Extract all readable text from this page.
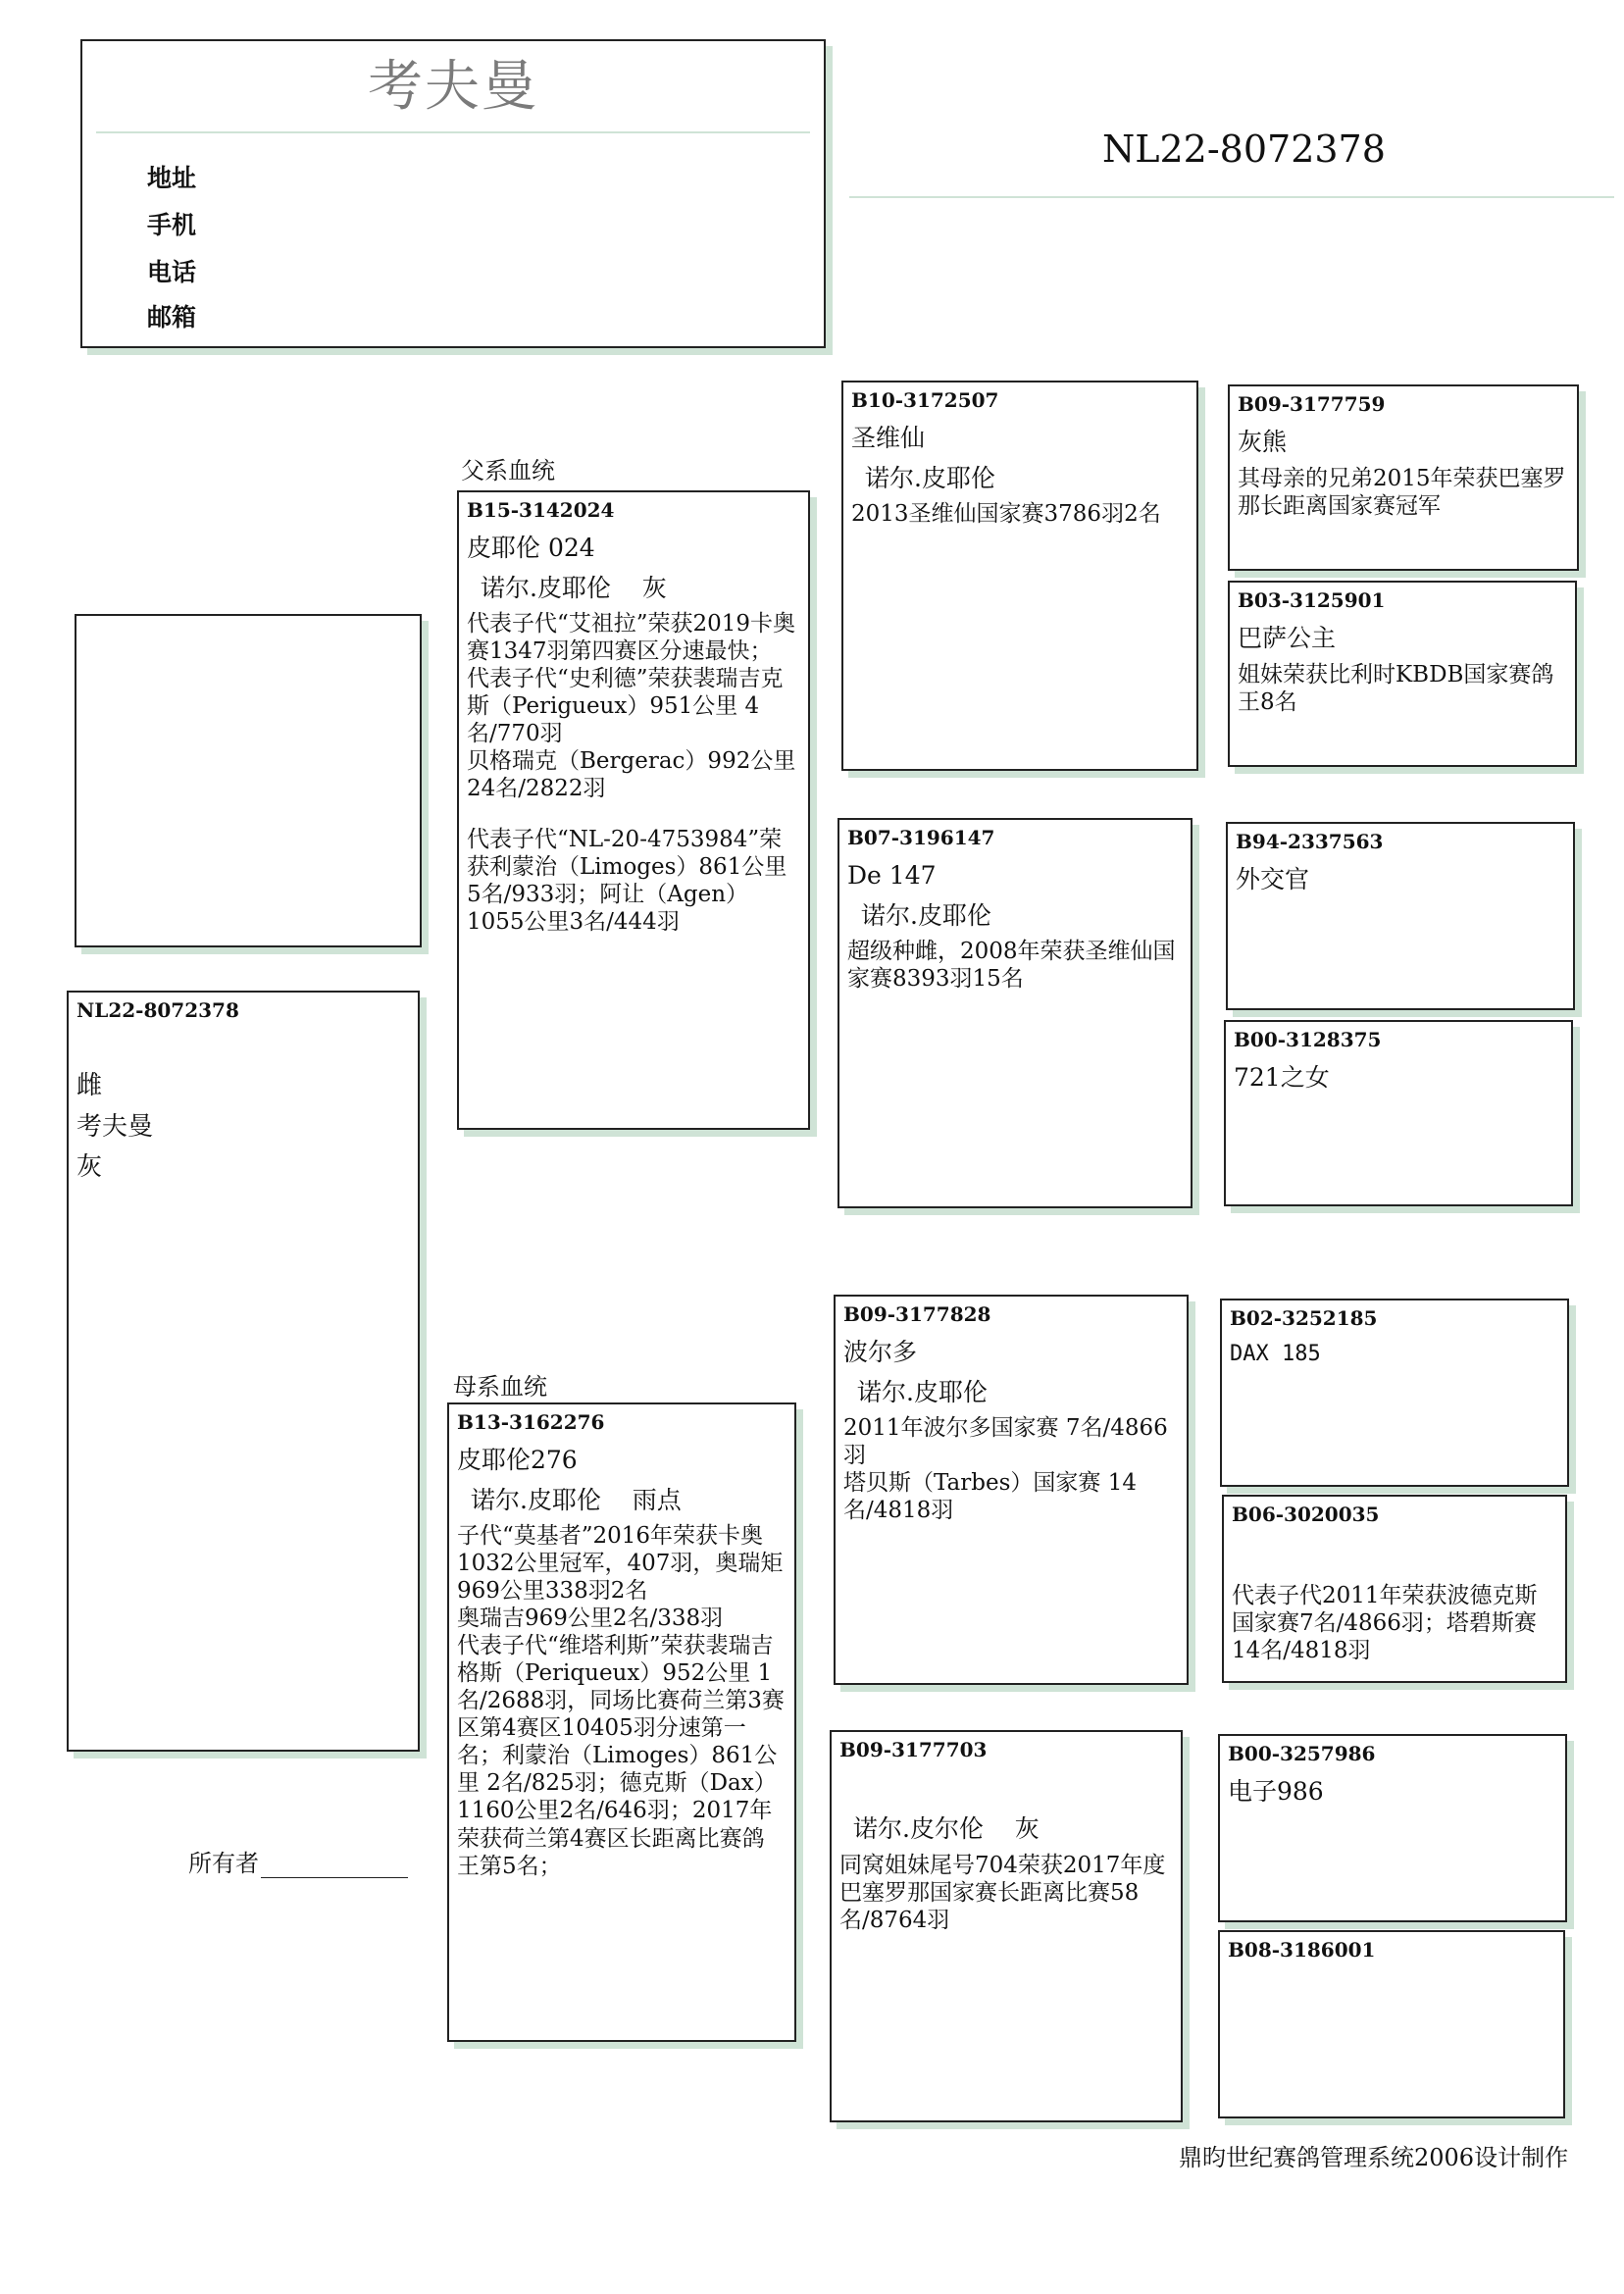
考夫曼
地址
手机
电话
邮箱
NL22-8072378
NL22-8072378
雌
考夫曼
灰
父系血统
母系血统
B15-3142024
皮耶伦 024
诺尔.皮耶伦    灰

代表子代“艾祖拉”荣获2019卡奥赛1347羽第四赛区分速最快；

代表子代“史利德”荣获裴瑞吉克斯（Perigueux）951公里 4名/770羽

贝格瑞克（Bergerac）992公里 24名/2822羽

代表子代“NL-20-4753984”荣获利蒙治（Limoges）861公里5名/933羽；阿让（Agen）1055公里3名/444羽

B13-3162276
皮耶伦276
诺尔.皮耶伦    雨点

子代“莫基者”2016年荣获卡奥1032公里冠军，407羽，奥瑞矩969公里338羽2名

奥瑞吉969公里2名/338羽

代表子代“维塔利斯”荣获裴瑞吉格斯（Periqueux）952公里 1名/2688羽，同场比赛荷兰第3赛区第4赛区10405羽分速第一名；利蒙治（Limoges）861公里 2名/825羽；德克斯（Dax）1160公里2名/646羽；2017年荣获荷兰第4赛区长距离比赛鸽王第5名；

B10-3172507
圣维仙
诺尔.皮耶伦
2013圣维仙国家赛3786羽2名
B07-3196147
De 147
诺尔.皮耶伦
超级种雌，2008年荣获圣维仙国家赛8393羽15名
B09-3177828
波尔多
诺尔.皮耶伦

2011年波尔多国家赛 7名/4866羽

塔贝斯（Tarbes）国家赛 14名/4818羽

B09-3177703
诺尔.皮尔伦    灰
同窝姐妹尾号704荣获2017年度巴塞罗那国家赛长距离比赛58名/8764羽
B09-3177759
灰熊
其母亲的兄弟2015年荣获巴塞罗那长距离国家赛冠军
B03-3125901
巴萨公主
姐妹荣获比利时KBDB国家赛鸽王8名
B94-2337563
外交官
B00-3128375
721之女
B02-3252185
DAX 185
B06-3020035
代表子代2011年荣获波德克斯国家赛7名/4866羽；塔碧斯赛14名/4818羽
B00-3257986
电子986
B08-3186001
所有者
鼎昀世纪赛鸽管理系统2006设计制作
